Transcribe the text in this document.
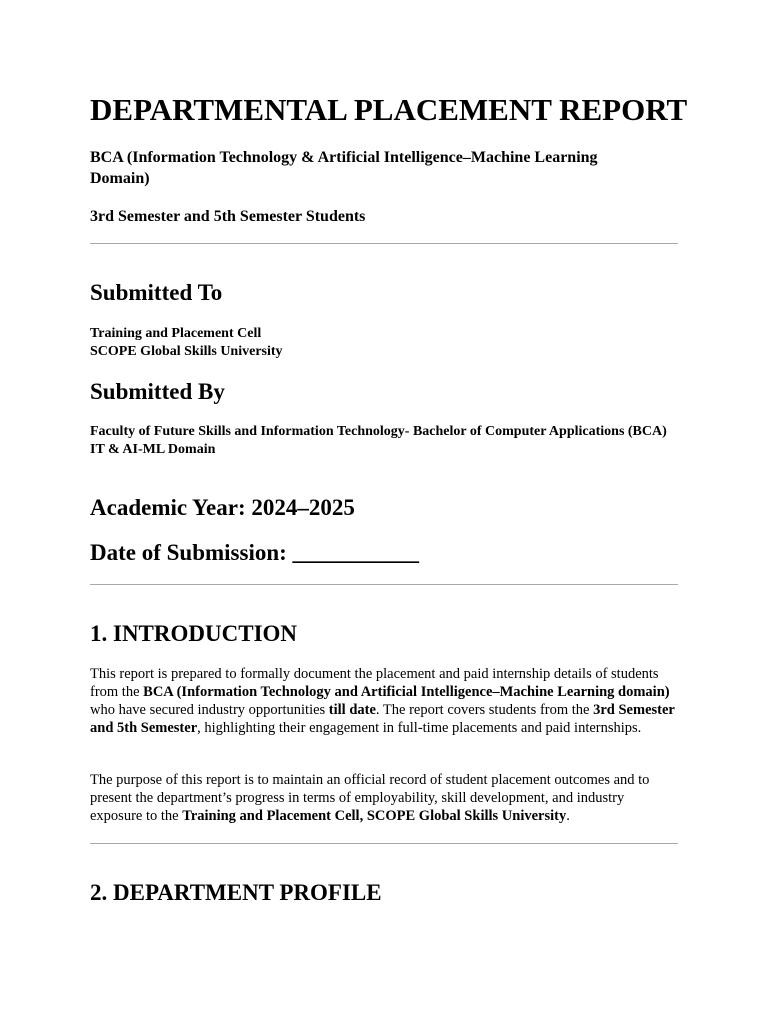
DEPARTMENTAL PLACEMENT REPORT
BCA (Information Technology & Artificial Intelligence–Machine Learning Domain)
3rd Semester and 5th Semester Students
Submitted To
Training and Placement Cell
SCOPE Global Skills University
Submitted By
Faculty of Future Skills and Information Technology- Bachelor of Computer Applications (BCA)
IT & AI-ML Domain
Academic Year: 2024–2025
Date of Submission: ___________
1. INTRODUCTION
This report is prepared to formally document the placement and paid internship details of students from the BCA (Information Technology and Artificial Intelligence–Machine Learning domain) who have secured industry opportunities till date. The report covers students from the 3rd Semester and 5th Semester, highlighting their engagement in full-time placements and paid internships.
The purpose of this report is to maintain an official record of student placement outcomes and to present the department’s progress in terms of employability, skill development, and industry exposure to the Training and Placement Cell, SCOPE Global Skills University.
2. DEPARTMENT PROFILE
